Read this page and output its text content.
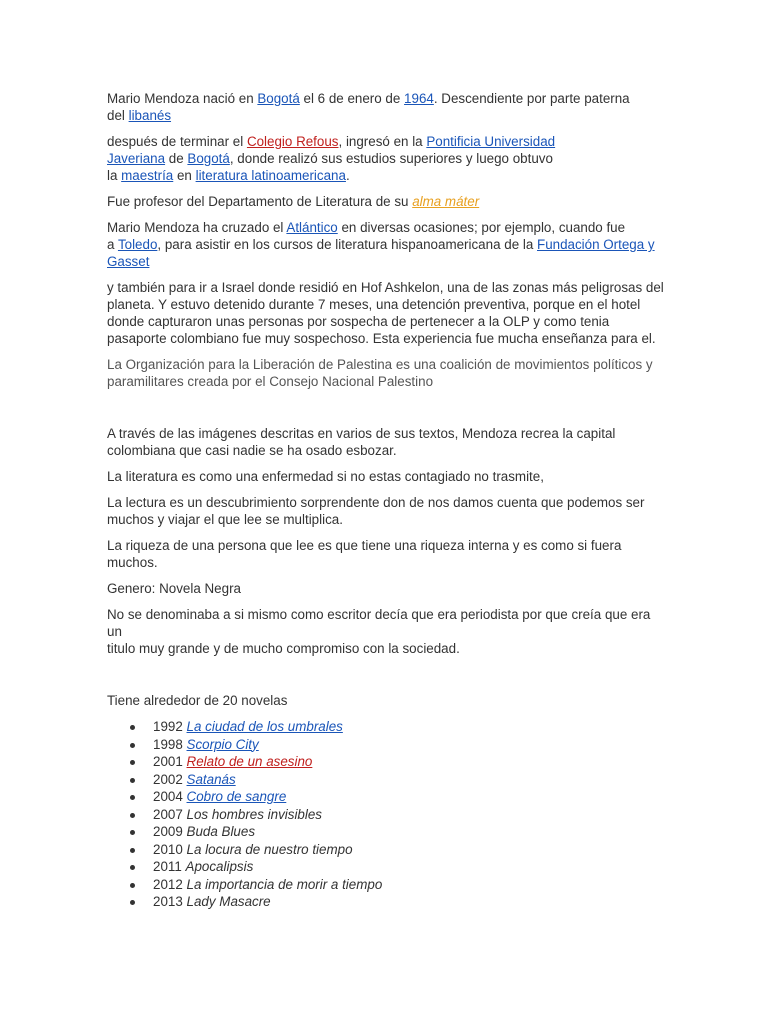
Mario Mendoza nació en Bogotá el 6 de enero de 1964. Descendiente por parte paterna
del libanés

después de terminar el Colegio Refous, ingresó en la Pontificia Universidad
Javeriana de Bogotá, donde realizó sus estudios superiores y luego obtuvo
la maestría en literatura latinoamericana.

Fue profesor del Departamento de Literatura de su alma máter

Mario Mendoza ha cruzado el Atlántico en diversas ocasiones; por ejemplo, cuando fue
a Toledo, para asistir en los cursos de literatura hispanoamericana de la Fundación Ortega y
Gasset

y también para ir a Israel donde residió en Hof Ashkelon, una de las zonas más peligrosas del
planeta. Y estuvo detenido durante 7 meses, una detención preventiva, porque en el hotel
donde capturaron unas personas por sospecha de pertenecer a la OLP y como tenia
pasaporte colombiano fue muy sospechoso. Esta experiencia fue mucha enseñanza para el.

La Organización para la Liberación de Palestina es una coalición de movimientos políticos y
paramilitares creada por el Consejo Nacional Palestino

A través de las imágenes descritas en varios de sus textos, Mendoza recrea la capital
colombiana que casi nadie se ha osado esbozar.

La literatura es como una enfermedad si no estas contagiado no trasmite,

La lectura es un descubrimiento sorprendente don de nos damos cuenta que podemos ser
muchos y viajar el que lee se multiplica.

La riqueza de una persona que lee es que tiene una riqueza interna y es como si fuera
muchos.

Genero: Novela Negra

No se denominaba a si mismo como escritor decía que era periodista por que creía que era un
titulo muy grande y de mucho compromiso con la sociedad.

Tiene alrededor de 20 novelas

1992 La ciudad de los umbrales
1998 Scorpio City
2001 Relato de un asesino
2002 Satanás
2004 Cobro de sangre
2007 Los hombres invisibles
2009 Buda Blues
2010 La locura de nuestro tiempo
2011 Apocalipsis
2012 La importancia de morir a tiempo
2013 Lady Masacre
